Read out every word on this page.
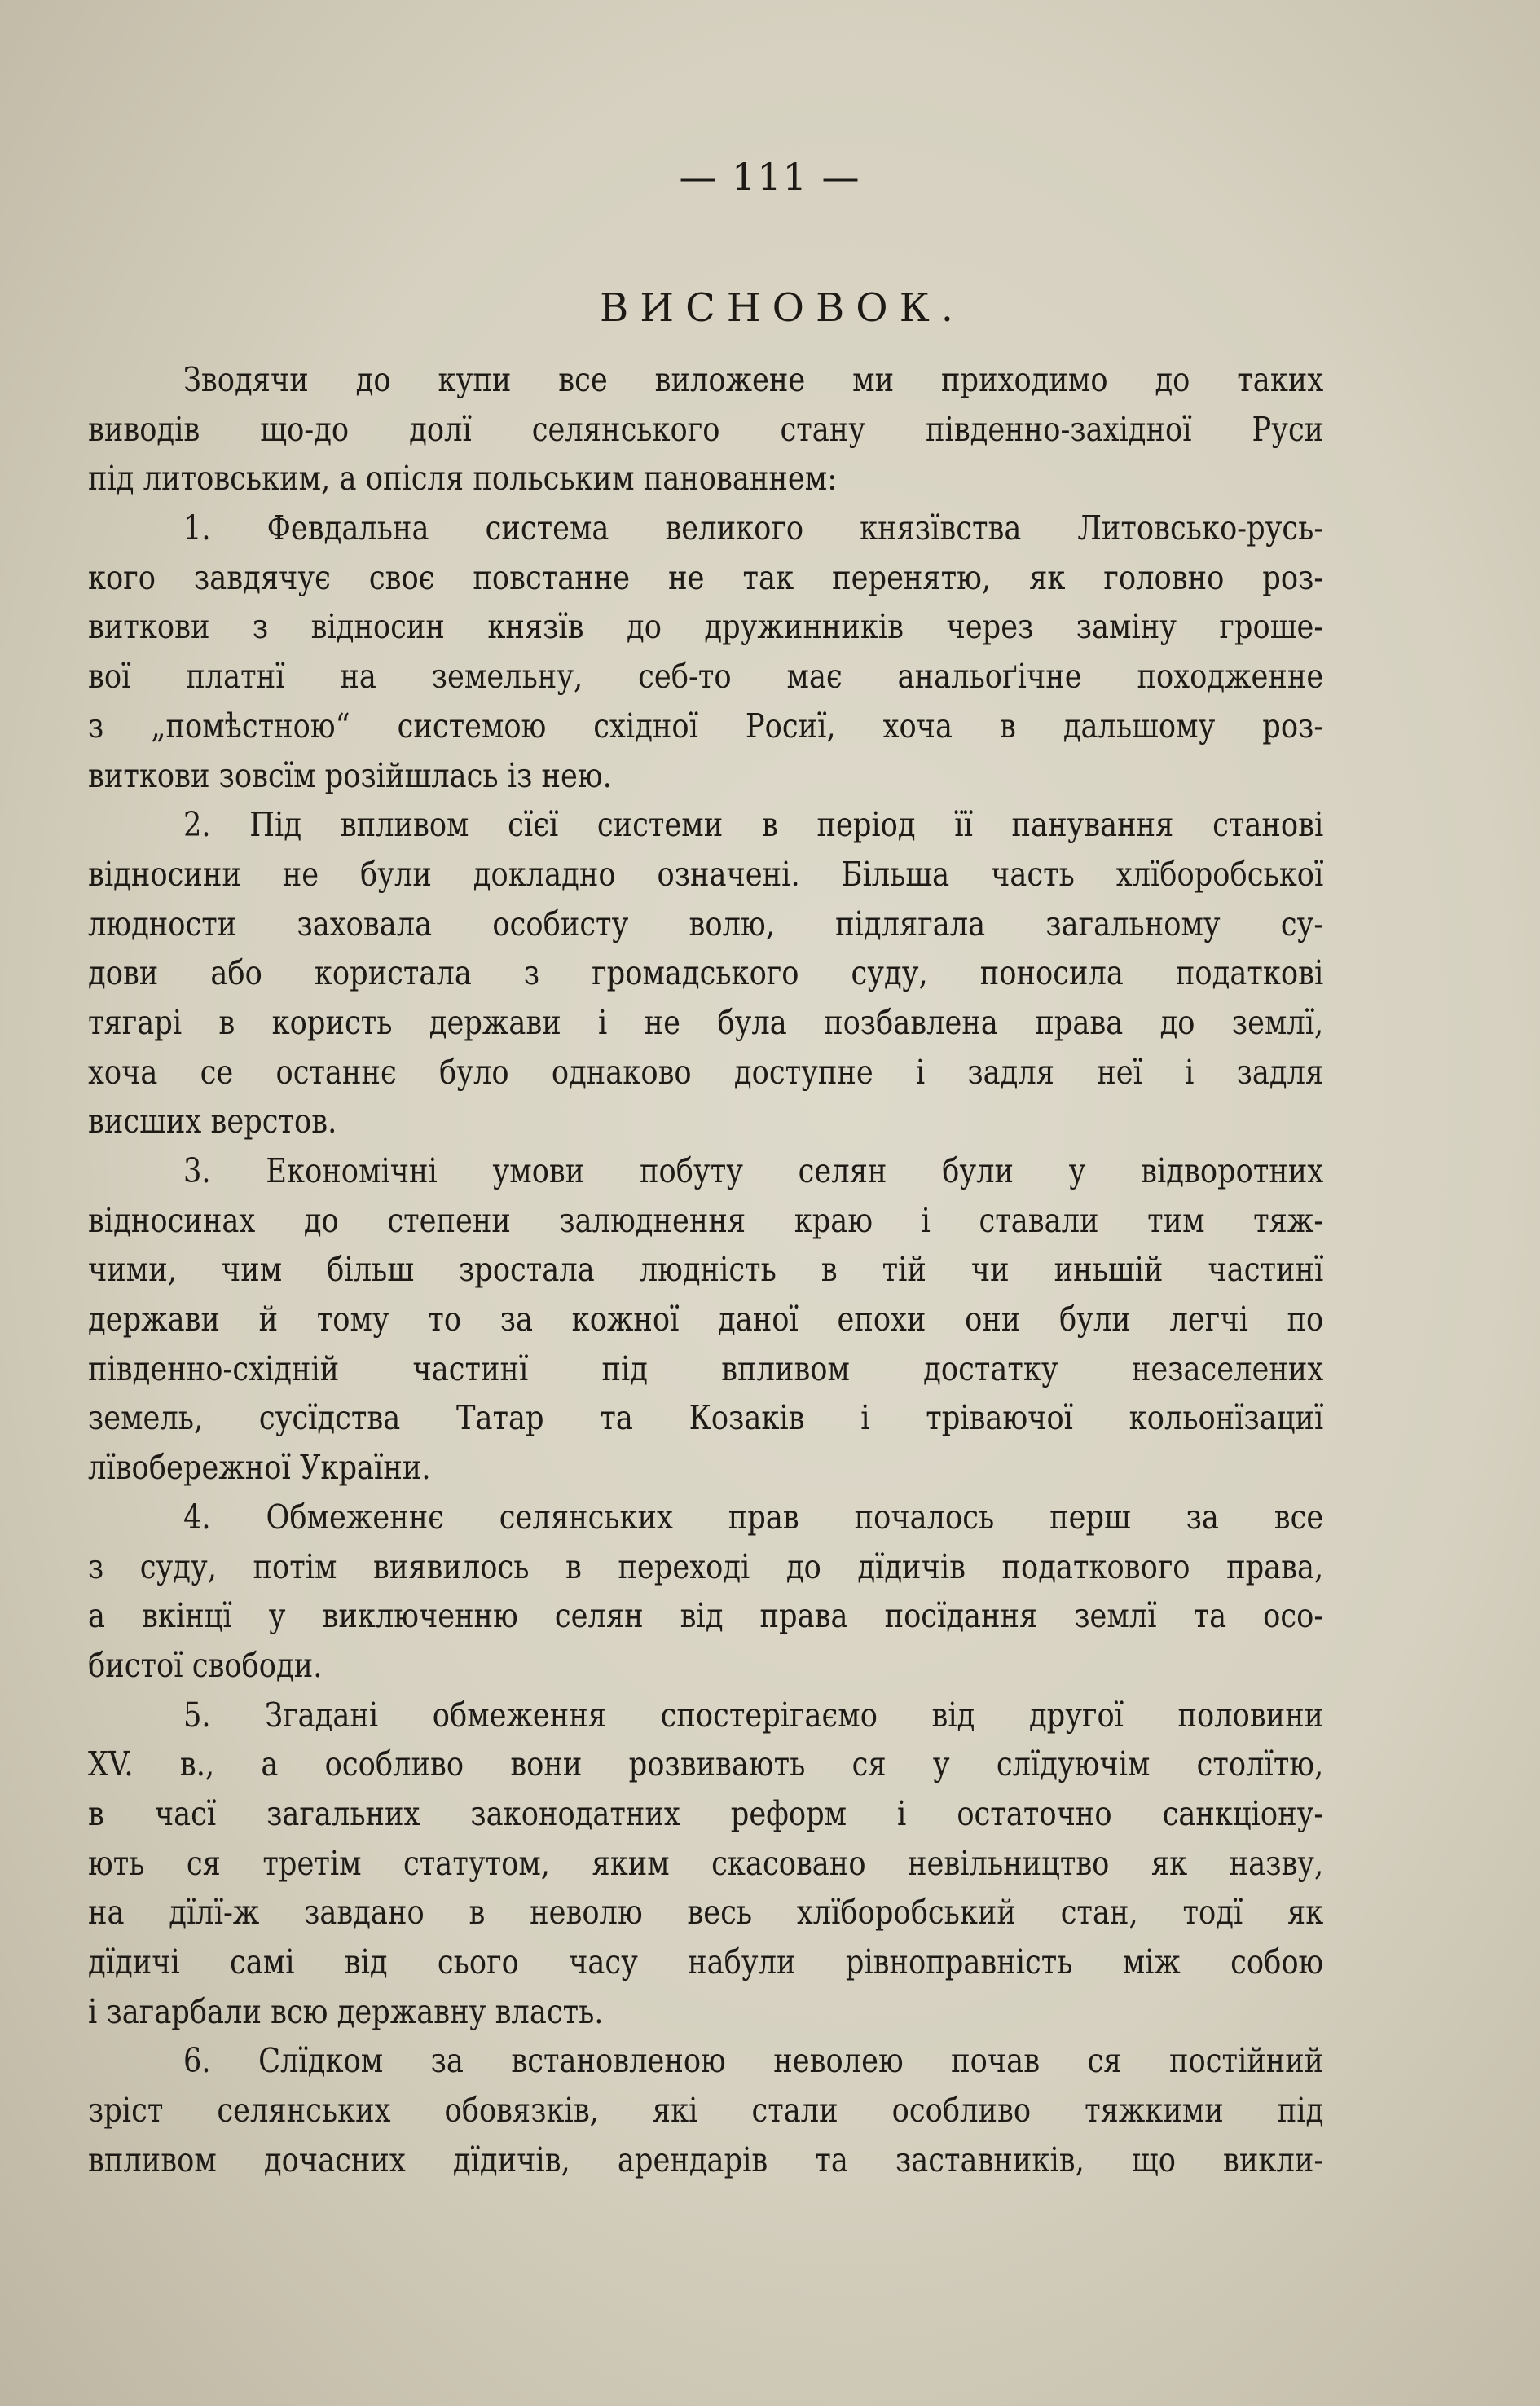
— 111 —
ВИСНОВОК.
Зводячи до купи все виложене ми приходимо до таких
виводів що-до долї селянського стану південно-західної Руси
під литовським, а опісля польським панованнем:
1. Февдальна система великого князївства Литовсько-русь-
кого завдячує своє повстанне не так перенятю, як головно роз-
виткови з відносин князїв до дружинників через заміну гроше-
вої платнї на земельну, себ-то має анальоґічне походженне
з „помѣстною“ системою східної Росиї, хоча в дальшому роз-
виткови зовсїм розійшлась із нею.
2. Під впливом сїєї системи в період її панування станові
відносини не були докладно означені. Більша часть хлїборобської
людности заховала особисту волю, підлягала загальному су-
дови або користала з громадського суду, поносила податкові
тягарі в користь держави і не була позбавлена права до землї,
хоча се останнє було однаково доступне і задля неї і задля
висших верстов.
3. Економічні умови побуту селян були у відворотних
відносинах до степени залюднення краю і ставали тим тяж-
чими, чим більш зростала людність в тій чи иньшій частинї
держави й тому то за кожної даної епохи они були легчі по
південно-східній частинї під впливом достатку незаселених
земель, сусїдства Татар та Козаків і тріваючої кольонїзациї
лївобережної України.
4. Обмеженнє селянських прав почалось перш за все
з суду, потім виявилось в переході до дїдичів податкового права,
а вкінцї у виключенню селян від права посїдання землї та осо-
бистої свободи.
5. Згадані обмеження спостерігаємо від другої половини
XV. в., а особливо вони розвивають ся у слїдуючім столїтю,
в часї загальних законодатних реформ і остаточно санкціону-
ють ся третім статутом, яким скасовано невільництво як назву,
на дїлї-ж завдано в неволю весь хлїборобський стан, тодї як
дїдичі самі від сього часу набули рівноправність між собою
і загарбали всю державну власть.
6. Слїдком за встановленою неволею почав ся постійний
зріст селянських обовязків, які стали особливо тяжкими під
впливом дочасних дїдичів, арендарів та заставників, що викли-
